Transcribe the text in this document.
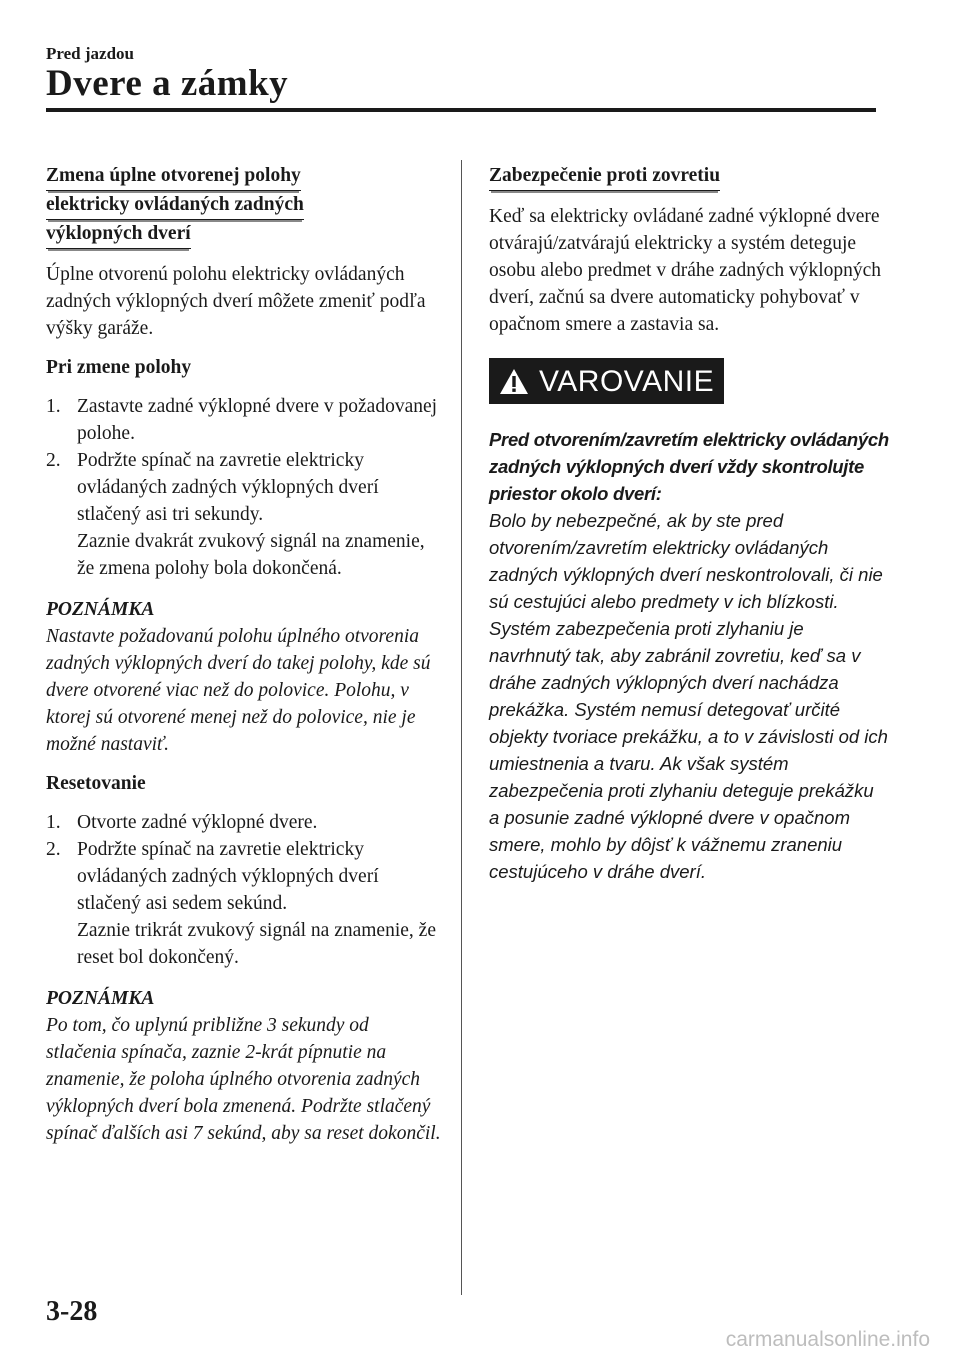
Pred jazdou
Dvere a zámky
Zmena úplne otvorenej polohy
elektricky ovládaných zadných
výklopných dverí

Úplne otvorenú polohu elektricky ovládaných zadných výklopných dverí môžete zmeniť podľa výšky garáže.

Pri zmene polohy
1. Zastavte zadné výklopné dvere v požadovanej polohe.
2. Podržte spínač na zavretie elektricky ovládaných zadných výklopných dverí stlačený asi tri sekundy.
Zaznie dvakrát zvukový signál na znamenie, že zmena polohy bola dokončená.
POZNÁMKA
Nastavte požadovanú polohu úplného otvorenia zadných výklopných dverí do takej polohy, kde sú dvere otvorené viac než do polovice. Polohu, v ktorej sú otvorené menej než do polovice, nie je možné nastaviť.
Resetovanie
1. Otvorte zadné výklopné dvere.
2. Podržte spínač na zavretie elektricky ovládaných zadných výklopných dverí stlačený asi sedem sekúnd.
Zaznie trikrát zvukový signál na znamenie, že reset bol dokončený.
POZNÁMKA
Po tom, čo uplynú približne 3 sekundy od stlačenia spínača, zaznie 2-krát pípnutie na znamenie, že poloha úplného otvorenia zadných výklopných dverí bola zmenená. Podržte stlačený spínač ďalších asi 7 sekúnd, aby sa reset dokončil.
Zabezpečenie proti zovretiu

Keď sa elektricky ovládané zadné výklopné dvere otvárajú/zatvárajú elektricky a systém deteguje osobu alebo predmet v dráhe zadných výklopných dverí, začnú sa dvere automaticky pohybovať v opačnom smere a zastavia sa.

VAROVANIE
Pred otvorením/zavretím elektricky ovládaných zadných výklopných dverí vždy skontrolujte priestor okolo dverí:
Bolo by nebezpečné, ak by ste pred otvorením/zavretím elektricky ovládaných zadných výklopných dverí neskontrolovali, či nie sú cestujúci alebo predmety v ich blízkosti. Systém zabezpečenia proti zlyhaniu je navrhnutý tak, aby zabránil zovretiu, keď sa v dráhe zadných výklopných dverí nachádza prekážka. Systém nemusí detegovať určité objekty tvoriace prekážku, a to v závislosti od ich umiestnenia a tvaru. Ak však systém zabezpečenia proti zlyhaniu deteguje prekážku a posunie zadné výklopné dvere v opačnom smere, mohlo by dôjsť k vážnemu zraneniu cestujúceho v dráhe dverí.
3-28
carmanualsonline.info
